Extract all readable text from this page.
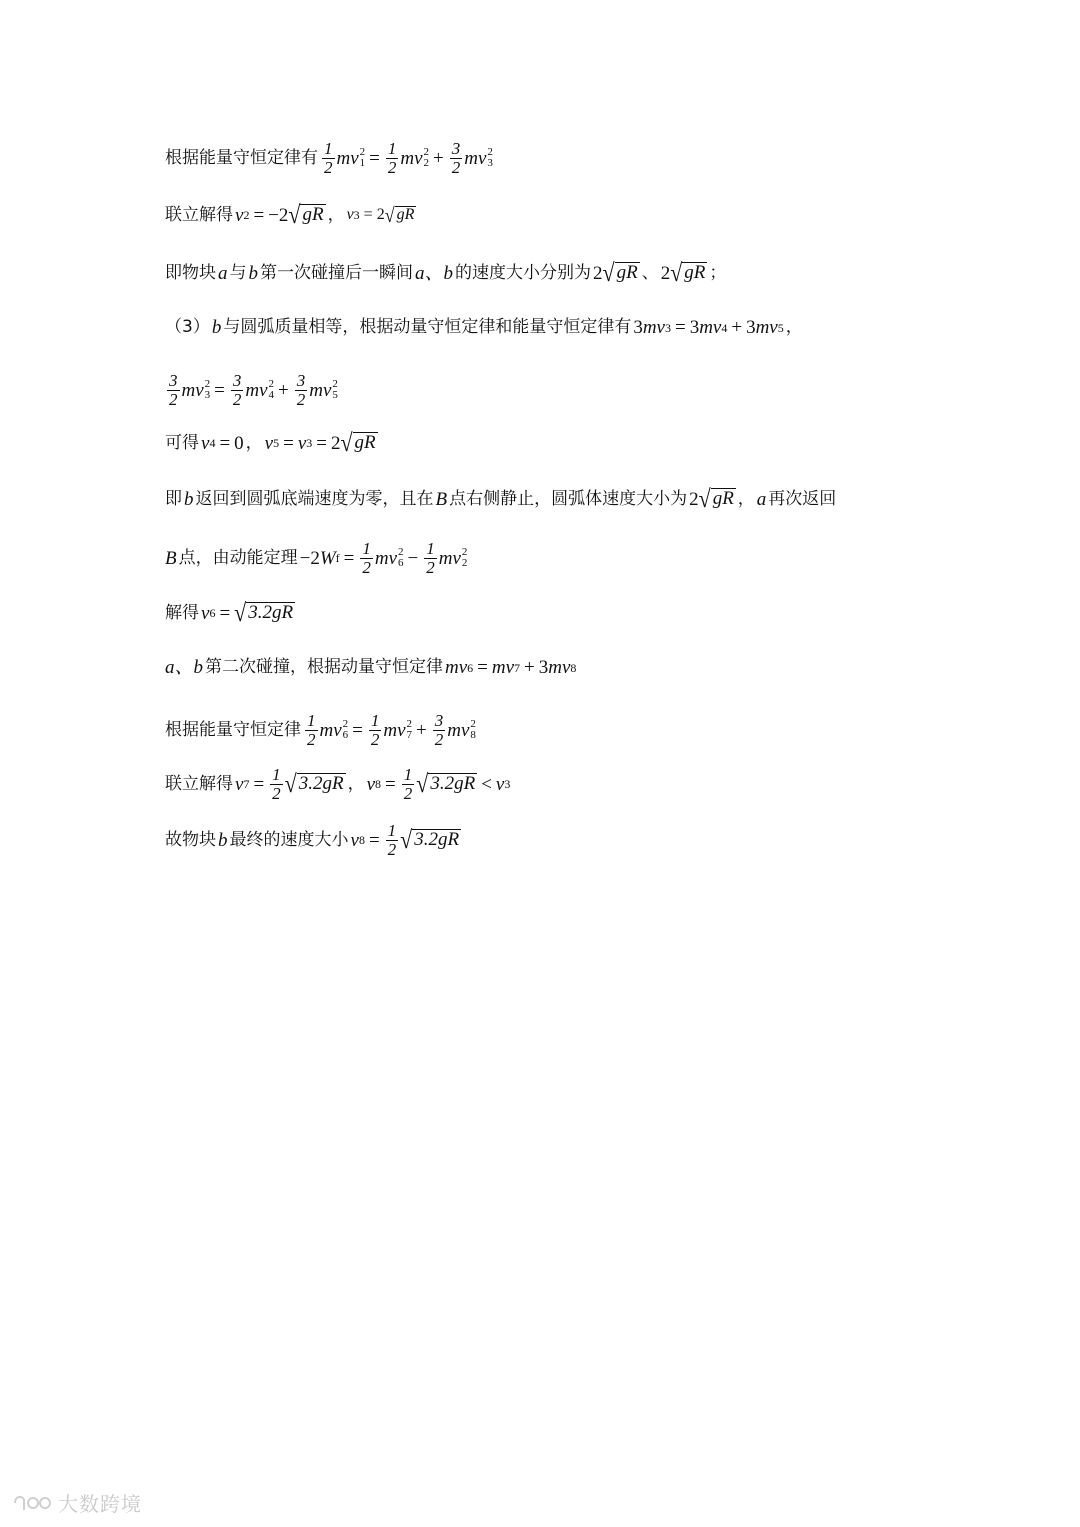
根据能量守恒定律有 $\frac{1}{2}$ mv 2
$1 = \frac{1}{2}$ mv 2
$2 + \frac{3}{2}$ mv 2
3
联立解得 v 2 = −2 √ gR ， v 3 = 2 √ gR
即物块 a 与 b 第一次碰撞后一瞬间 a、b 的速度大小分别为 2 √ gR 、 2 √ gR ；
（3） b 与圆弧质量相等，根据动量守恒定律和能量守恒定律有 3 mv 3 = 3 mv 4 + 3 mv 5 ，
$\frac{3}{2}$ mv 2
$3 = \frac{3}{2}$ mv 2
$4 + \frac{3}{2}$ mv 2
5
可得 v 4 = 0 ， v 5 = v 3 = 2 √ gR
即 b 返回到圆弧底端速度为零，且在 B 点右侧静止，圆弧体速度大小为 2 √ gR ， a 再次返回
B 点，由动能定理 −2 W $f = \frac{1}{2}$ mv 2
$6 - \frac{1}{2}$ mv 2
2
解得 v 6 = √ 3.2gR
a、b 第二次碰撞，根据动量守恒定律 mv 6 = mv 7 + 3 mv 8
根据能量守恒定律 $\frac{1}{2}$ mv 2
$6 = \frac{1}{2}$ mv 2
$7 + \frac{3}{2}$ mv 2
8
联立解得 v $7 = \frac{1}{2}$ √ 3.2gR ， v $8 = \frac{1}{2}$ √ 3.2gR < v 3
故物块 b 最终的速度大小 v $8 = \frac{1}{2}$ √ 3.2gR
大数跨境
